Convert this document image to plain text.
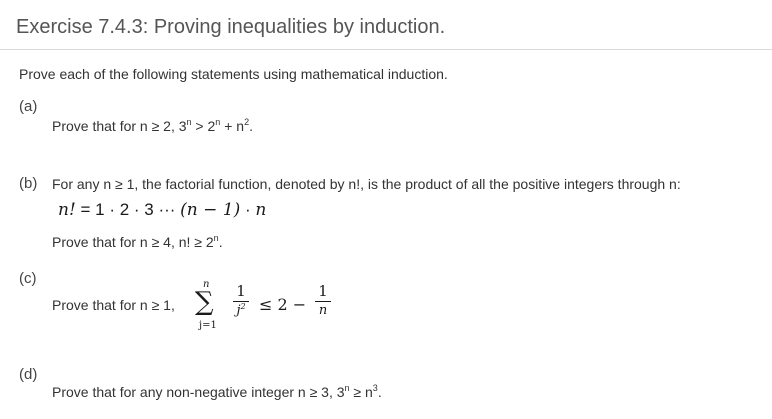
Exercise 7.4.3: Proving inequalities by induction.
Prove each of the following statements using mathematical induction.
(a)
Prove that for n ≥ 2, $3^n > 2^n + n^2$.
(b) For any n ≥ 1, the factorial function, denoted by n!, is the product of all the positive integers through n:
n! = 1 · 2 · 3 ··· (n − 1) · n
Prove that for n ≥ 4, n! ≥ $2^n$.
(c)
Prove that for n ≥ 1,
n
∑
j=1
1
$j^2 \le 2$ −
1
n
(d)
Prove that for any non-negative integer n ≥ 3, $3^n \ge n^3$.
